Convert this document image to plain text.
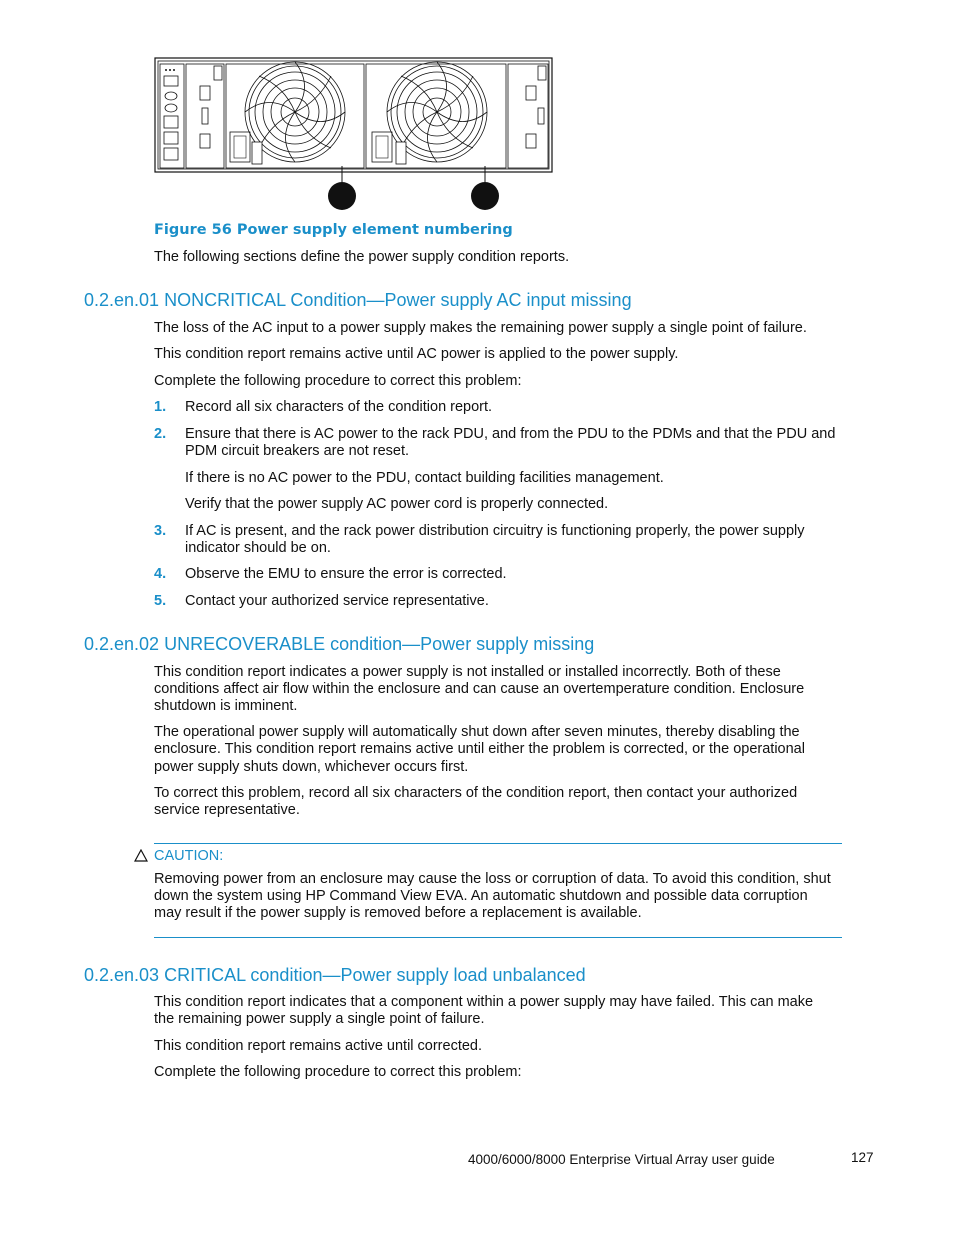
Figure 56 Power supply element numbering
The following sections define the power supply condition reports.
0.2.en.01 NONCRITICAL Condition—Power supply AC input missing
The loss of the AC input to a power supply makes the remaining power supply a single point of failure.
This condition report remains active until AC power is applied to the power supply.
Complete the following procedure to correct this problem:
1.	Record all six characters of the condition report.
2.	Ensure that there is AC power to the rack PDU, and from the PDU to the PDMs and that the PDU and
PDM circuit breakers are not reset.
If there is no AC power to the PDU, contact building facilities management.
Verify that the power supply AC power cord is properly connected.
3.	If AC is present, and the rack power distribution circuitry is functioning properly, the power supply
indicator should be on.
4.	Observe the EMU to ensure the error is corrected.
5.	Contact your authorized service representative.
0.2.en.02 UNRECOVERABLE condition—Power supply missing
This condition report indicates a power supply is not installed or installed incorrectly. Both of these
conditions affect air flow within the enclosure and can cause an overtemperature condition. Enclosure
shutdown is imminent.
The operational power supply will automatically shut down after seven minutes, thereby disabling the
enclosure. This condition report remains active until either the problem is corrected, or the operational
power supply shuts down, whichever occurs first.
To correct this problem, record all six characters of the condition report, then contact your authorized
service representative.
CAUTION:
Removing power from an enclosure may cause the loss or corruption of data. To avoid this condition, shut
down the system using HP Command View EVA. An automatic shutdown and possible data corruption
may result if the power supply is removed before a replacement is available.
0.2.en.03 CRITICAL condition—Power supply load unbalanced
This condition report indicates that a component within a power supply may have failed. This can make
the remaining power supply a single point of failure.
This condition report remains active until corrected.
Complete the following procedure to correct this problem:
4000/6000/8000 Enterprise Virtual Array user guide	127
